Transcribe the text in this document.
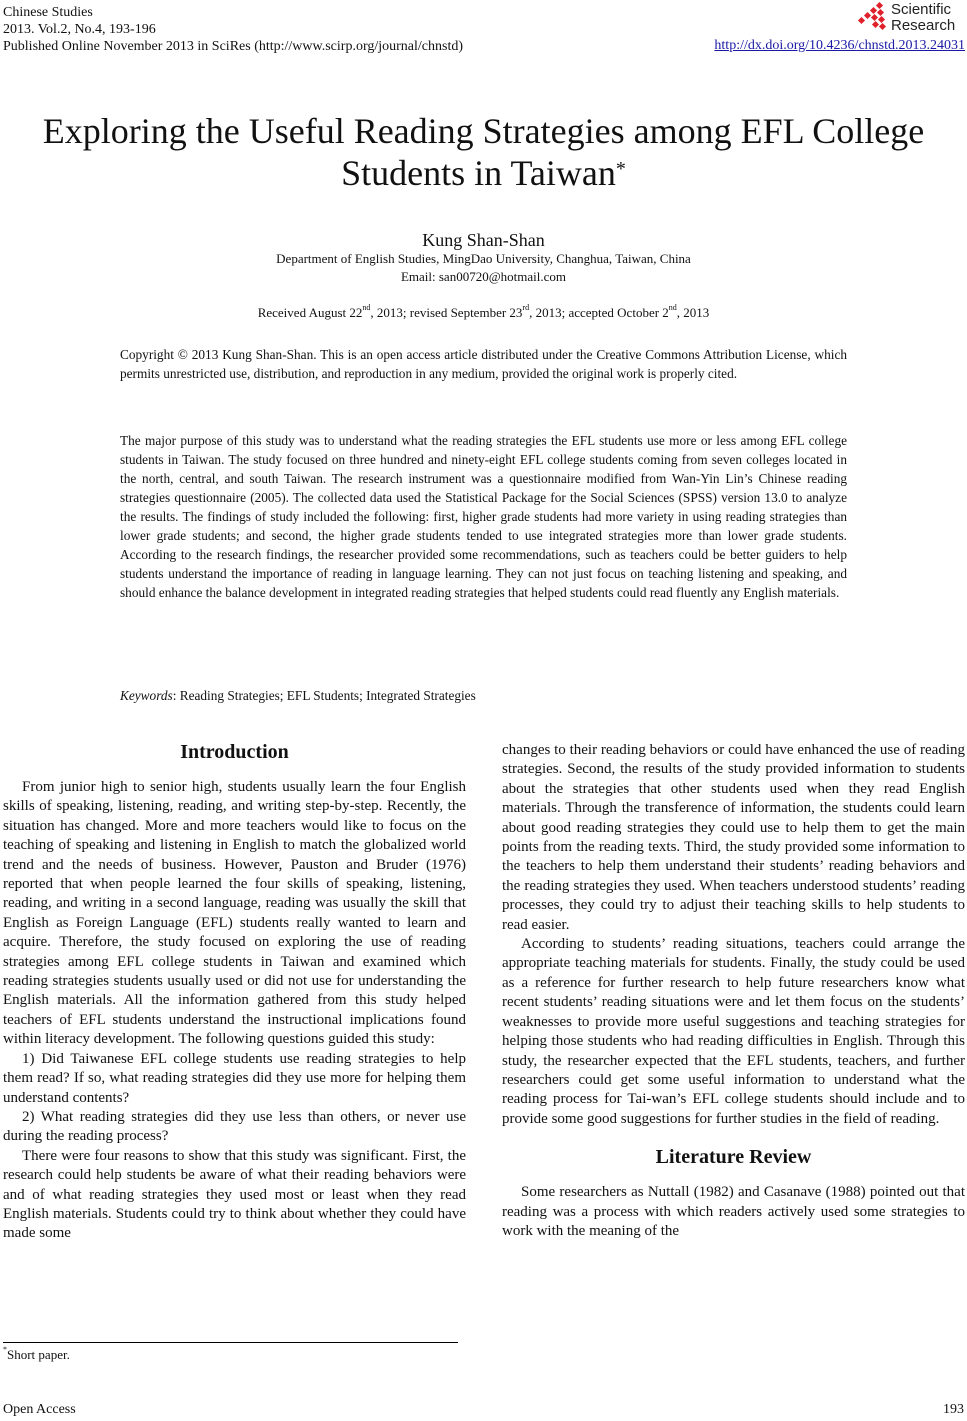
Chinese Studies
2013. Vol.2, No.4, 193-196
Published Online November 2013 in SciRes (http://www.scirp.org/journal/chnstd)
Scientific
Research
http://dx.doi.org/10.4236/chnstd.2013.24031
Exploring the Useful Reading Strategies among EFL College Students in Taiwan*
Kung Shan-Shan
Department of English Studies, MingDao University, Changhua, Taiwan, China
Email: san00720@hotmail.com
Received August 22nd, 2013; revised September 23rd, 2013; accepted October 2nd, 2013
Copyright © 2013 Kung Shan-Shan. This is an open access article distributed under the Creative Commons Attribution License, which permits unrestricted use, distribution, and reproduction in any medium, provided the original work is properly cited.
The major purpose of this study was to understand what the reading strategies the EFL students use more or less among EFL college students in Taiwan. The study focused on three hundred and ninety-eight EFL college students coming from seven colleges located in the north, central, and south Taiwan. The research instrument was a questionnaire modified from Wan-Yin Lin’s Chinese reading strategies questionnaire (2005). The collected data used the Statistical Package for the Social Sciences (SPSS) version 13.0 to analyze the results. The findings of study included the following: first, higher grade students had more variety in using reading strategies than lower grade students; and second, the higher grade students tended to use integrated strategies more than lower grade students. According to the research findings, the researcher provided some recommendations, such as teachers could be better guiders to help students understand the importance of reading in language learning. They can not just focus on teaching listening and speaking, and should enhance the balance development in integrated reading strategies that helped students could read fluently any English materials.
Keywords: Reading Strategies; EFL Students; Integrated Strategies
Introduction

From junior high to senior high, students usually learn the four English skills of speaking, listening, reading, and writing step-by-step. Recently, the situation has changed. More and more teachers would like to focus on the teaching of speaking and listening in English to match the globalized world trend and the needs of business. However, Pauston and Bruder (1976) reported that when people learned the four skills of speaking, listening, reading, and writing in a second language, reading was usually the skill that English as Foreign Language (EFL) students really wanted to learn and acquire. Therefore, the study focused on exploring the use of reading strategies among EFL college students in Taiwan and examined which reading strategies students usually used or did not use for understanding the English materials. All the information gathered from this study helped teachers of EFL students understand the instructional implications found within literacy development. The following questions guided this study:

1) Did Taiwanese EFL college students use reading strategies to help them read? If so, what reading strategies did they use more for helping them understand contents?

2) What reading strategies did they use less than others, or never use during the reading process?

There were four reasons to show that this study was significant. First, the research could help students be aware of what their reading behaviors were and of what reading strategies they used most or least when they read English materials. Students could try to think about whether they could have made some

changes to their reading behaviors or could have enhanced the use of reading strategies. Second, the results of the study provided information to students about the strategies that other students used when they read English materials. Through the transference of information, the students could learn about good reading strategies they could use to help them to get the main points from the reading texts. Third, the study provided some information to the teachers to help them understand their students’ reading behaviors and the reading strategies they used. When teachers understood students’ reading processes, they could try to adjust their teaching skills to help students to read easier.

According to students’ reading situations, teachers could arrange the appropriate teaching materials for students. Finally, the study could be used as a reference for further research to help future researchers know what recent students’ reading situations were and let them focus on the students’ weaknesses to provide more useful suggestions and teaching strategies for helping those students who had reading difficulties in English. Through this study, the researcher expected that the EFL students, teachers, and further researchers could get some useful information to understand what the reading process for Tai-wan’s EFL college students should include and to provide some good suggestions for further studies in the field of reading.

Literature Review

Some researchers as Nuttall (1982) and Casanave (1988) pointed out that reading was a process with which readers actively used some strategies to work with the meaning of the

*Short paper.
Open Access	193
